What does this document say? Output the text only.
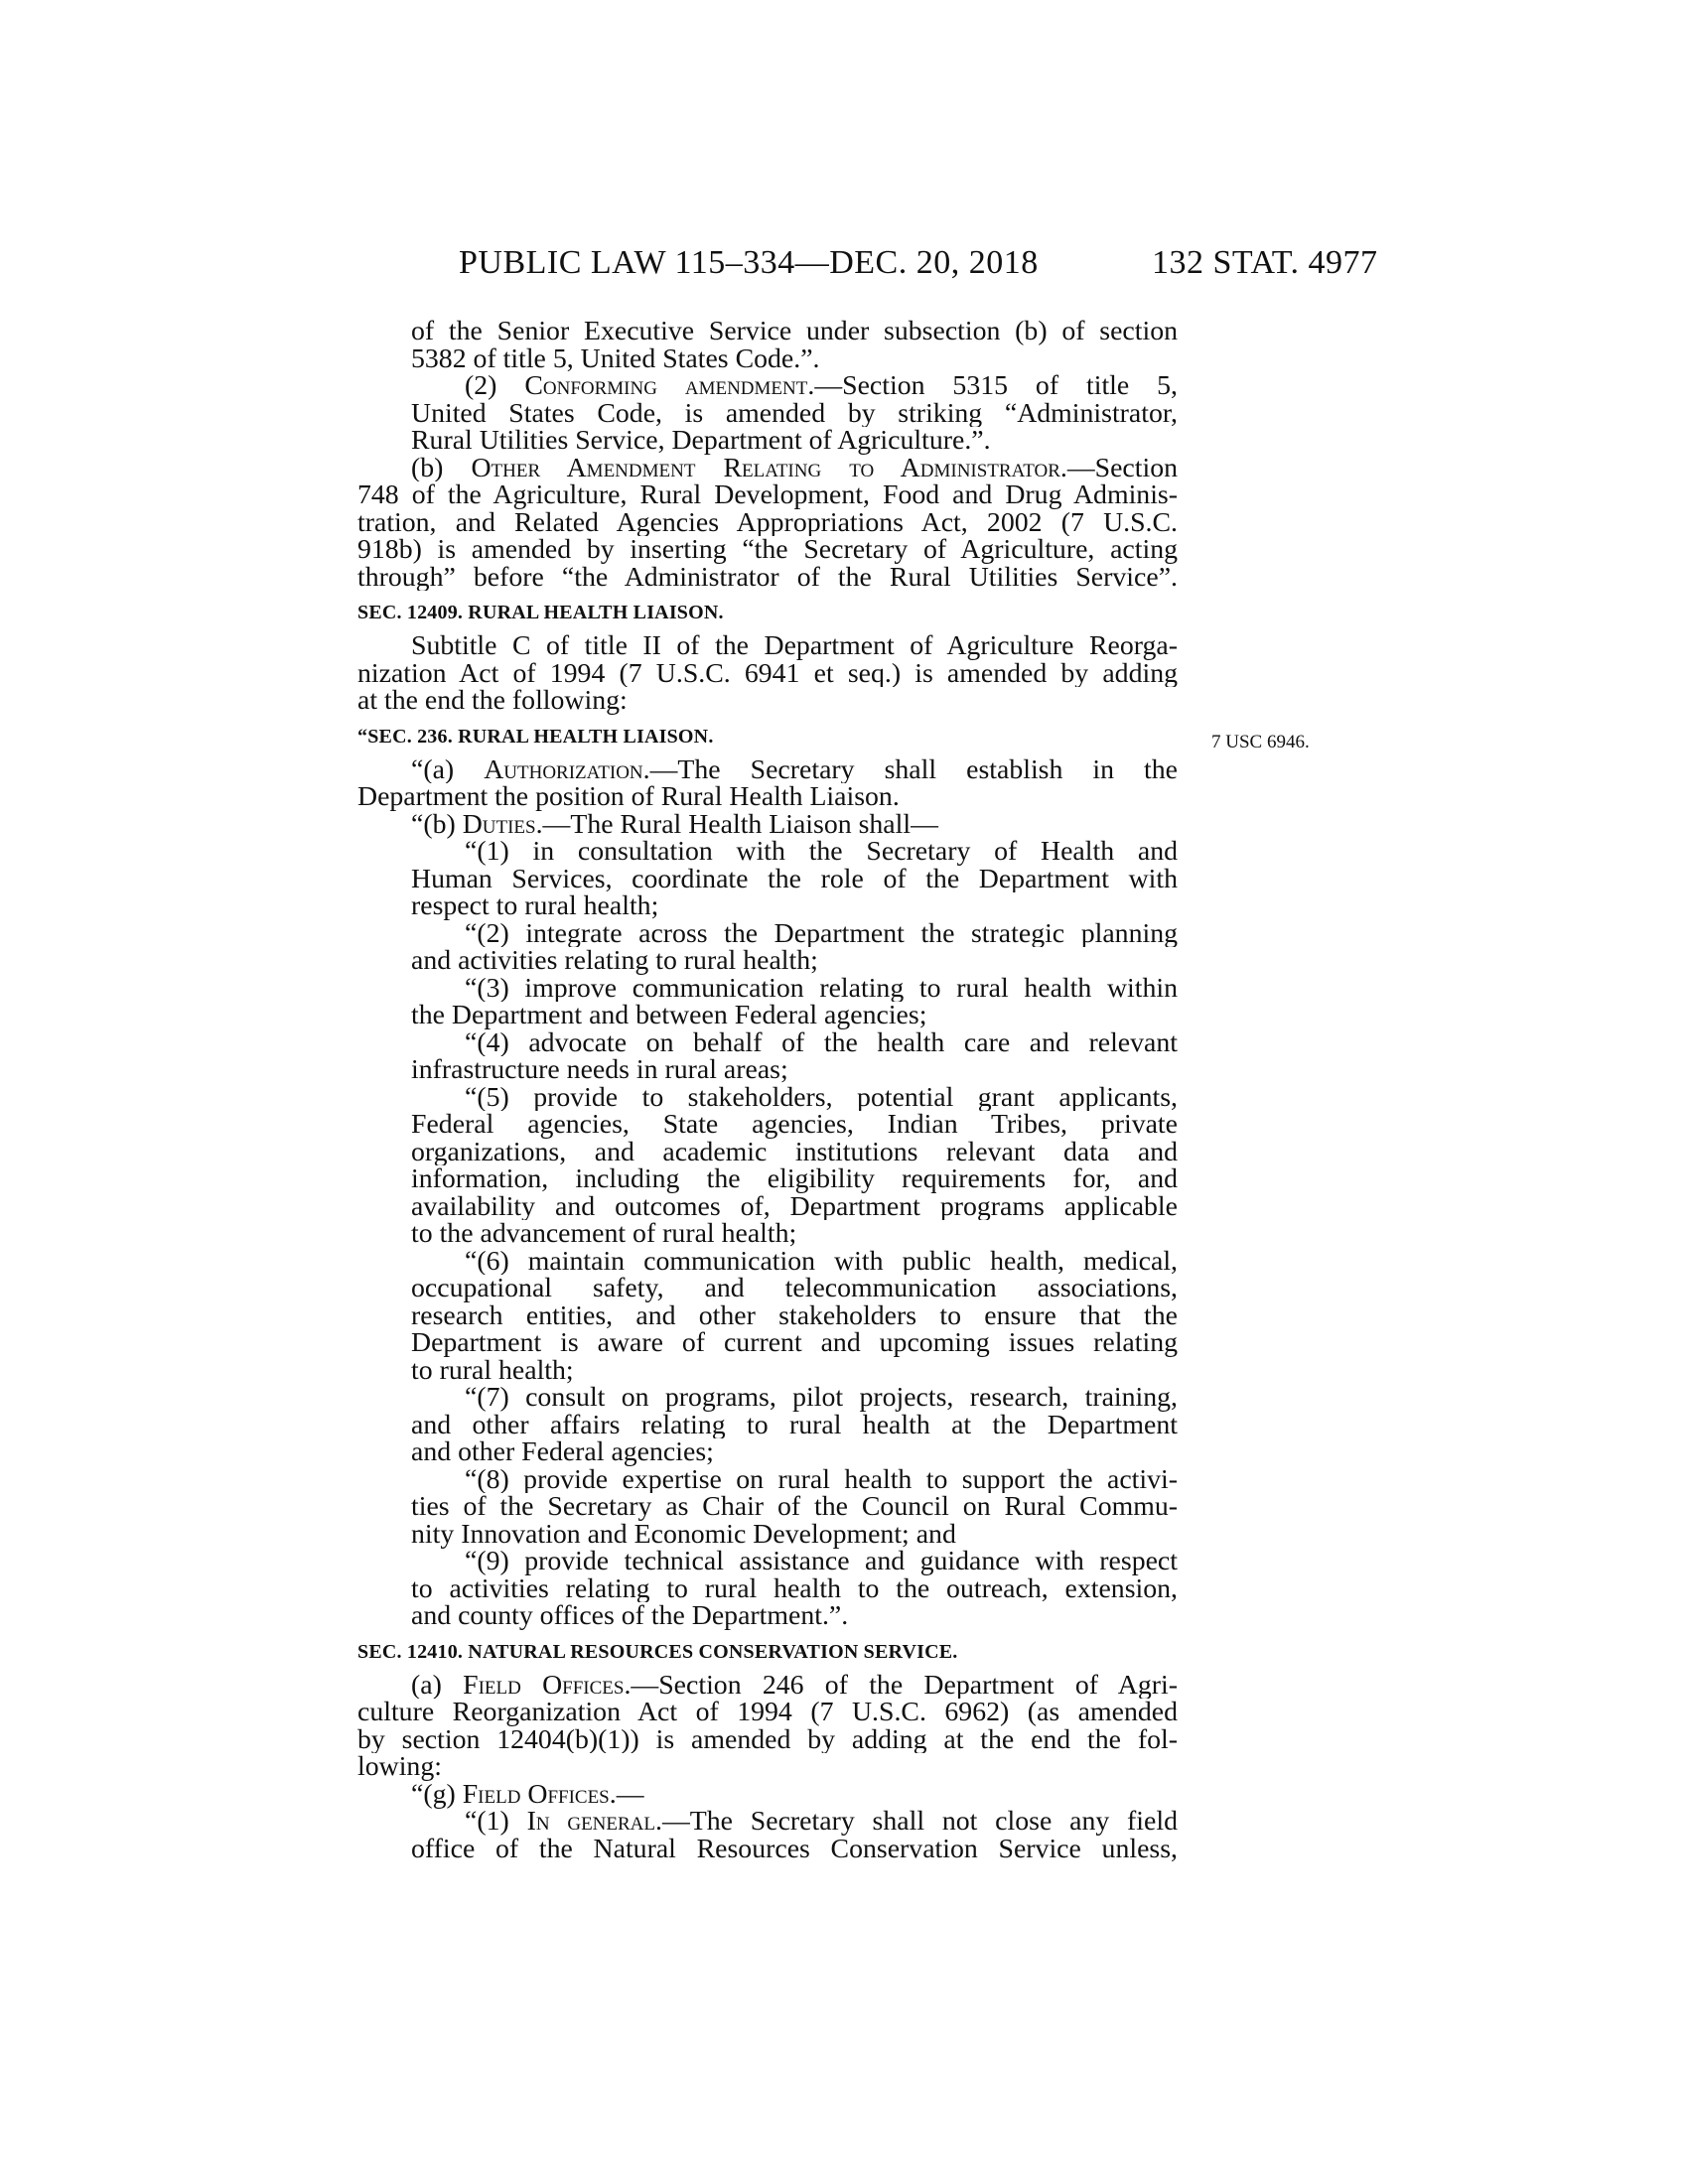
PUBLIC LAW 115–334—DEC. 20, 2018	132 STAT. 4977
7 USC 6946.
of the Senior Executive Service under subsection (b) of section
5382 of title 5, United States Code.”.
(2) Conforming amendment.—Section 5315 of title 5,
United States Code, is amended by striking “Administrator,
Rural Utilities Service, Department of Agriculture.”.
(b) Other Amendment Relating to Administrator.—Section
748 of the Agriculture, Rural Development, Food and Drug Adminis-
tration, and Related Agencies Appropriations Act, 2002 (7 U.S.C.
918b) is amended by inserting “the Secretary of Agriculture, acting
through” before “the Administrator of the Rural Utilities Service”.
SEC. 12409. RURAL HEALTH LIAISON.
Subtitle C of title II of the Department of Agriculture Reorga-
nization Act of 1994 (7 U.S.C. 6941 et seq.) is amended by adding
at the end the following:
“SEC. 236. RURAL HEALTH LIAISON.
“(a) Authorization.—The Secretary shall establish in the
Department the position of Rural Health Liaison.
“(b) Duties.—The Rural Health Liaison shall—
“(1) in consultation with the Secretary of Health and
Human Services, coordinate the role of the Department with
respect to rural health;
“(2) integrate across the Department the strategic planning
and activities relating to rural health;
“(3) improve communication relating to rural health within
the Department and between Federal agencies;
“(4) advocate on behalf of the health care and relevant
infrastructure needs in rural areas;
“(5) provide to stakeholders, potential grant applicants,
Federal agencies, State agencies, Indian Tribes, private
organizations, and academic institutions relevant data and
information, including the eligibility requirements for, and
availability and outcomes of, Department programs applicable
to the advancement of rural health;
“(6) maintain communication with public health, medical,
occupational safety, and telecommunication associations,
research entities, and other stakeholders to ensure that the
Department is aware of current and upcoming issues relating
to rural health;
“(7) consult on programs, pilot projects, research, training,
and other affairs relating to rural health at the Department
and other Federal agencies;
“(8) provide expertise on rural health to support the activi-
ties of the Secretary as Chair of the Council on Rural Commu-
nity Innovation and Economic Development; and
“(9) provide technical assistance and guidance with respect
to activities relating to rural health to the outreach, extension,
and county offices of the Department.”.
SEC. 12410. NATURAL RESOURCES CONSERVATION SERVICE.
(a) Field Offices.—Section 246 of the Department of Agri-
culture Reorganization Act of 1994 (7 U.S.C. 6962) (as amended
by section 12404(b)(1)) is amended by adding at the end the fol-
lowing:
“(g) Field Offices.—
“(1) In general.—The Secretary shall not close any field
office of the Natural Resources Conservation Service unless,
